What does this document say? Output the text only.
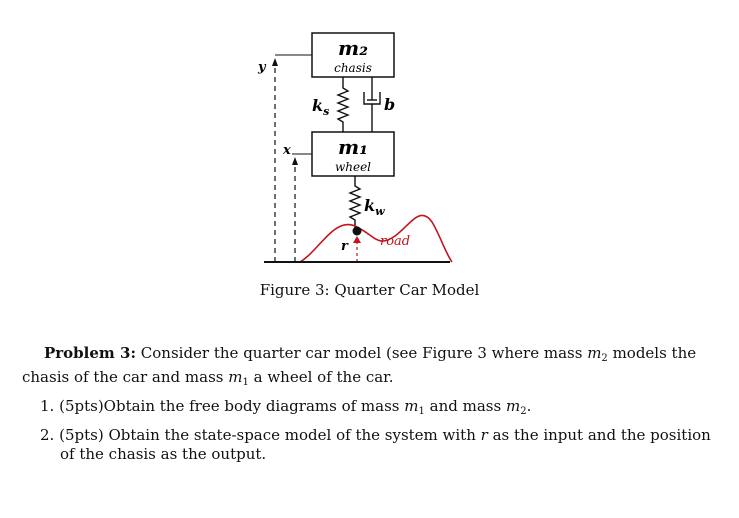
m₂
chasis
m₁
wheel
$k_s$	b
$k_w$
road
r
y
x
Figure 3: Quarter Car Model
Problem 3: Consider the quarter car model (see Figure 3 where mass $m_2$ models the chasis of the car and mass $m_1$ a wheel of the car.
1. (5pts)Obtain the free body diagrams of mass $m_1$ and mass $m_2$.
2. (5pts) Obtain the state-space model of the system with r as the input and the position of the chasis as the output.
